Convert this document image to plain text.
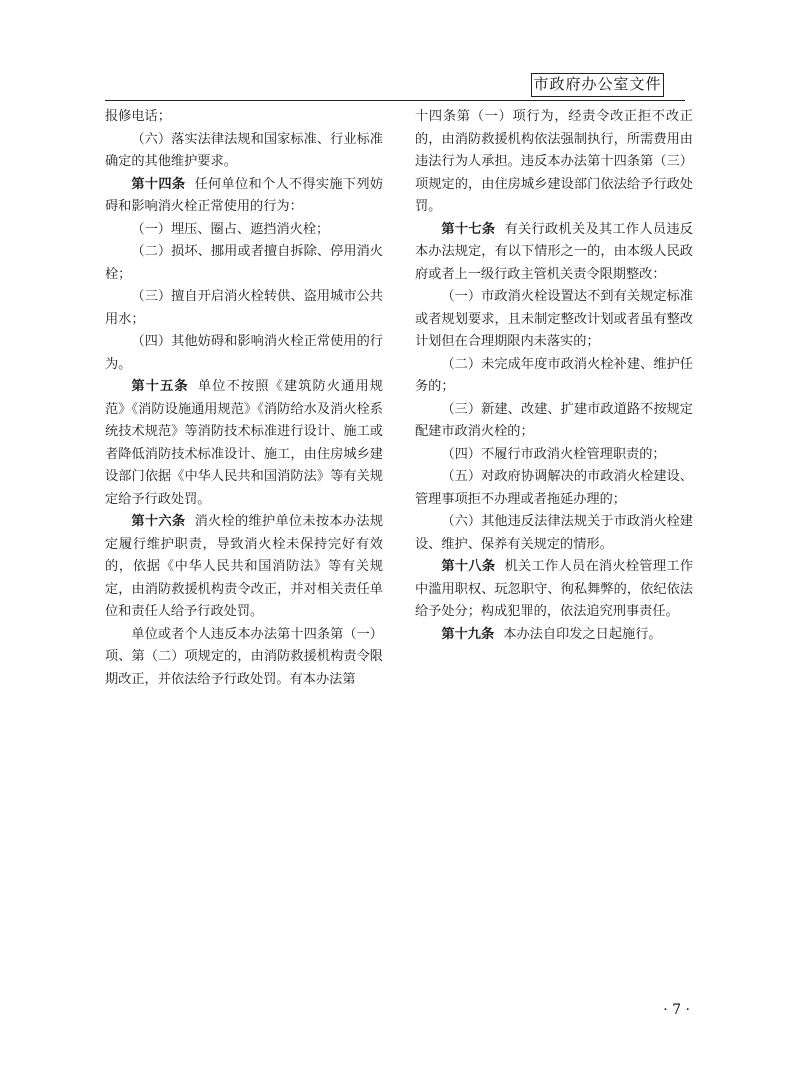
市政府办公室文件

报修电话；

（六）落实法律法规和国家标准、行业标准确定的其他维护要求。

第十四条 任何单位和个人不得实施下列妨碍和影响消火栓正常使用的行为：

（一）埋压、圈占、遮挡消火栓；

（二）损坏、挪用或者擅自拆除、停用消火栓；

（三）擅自开启消火栓转供、盗用城市公共用水；

（四）其他妨碍和影响消火栓正常使用的行为。

第十五条 单位不按照《建筑防火通用规范》《消防设施通用规范》《消防给水及消火栓系统技术规范》等消防技术标准进行设计、施工或者降低消防技术标准设计、施工，由住房城乡建设部门依据《中华人民共和国消防法》等有关规定给予行政处罚。

第十六条 消火栓的维护单位未按本办法规定履行维护职责，导致消火栓未保持完好有效的，依据《中华人民共和国消防法》等有关规定，由消防救援机构责令改正，并对相关责任单位和责任人给予行政处罚。

单位或者个人违反本办法第十四条第（一）项、第（二）项规定的，由消防救援机构责令限期改正，并依法给予行政处罚。有本办法第

十四条第（一）项行为，经责令改正拒不改正的，由消防救援机构依法强制执行，所需费用由违法行为人承担。违反本办法第十四条第（三）项规定的，由住房城乡建设部门依法给予行政处罚。

第十七条 有关行政机关及其工作人员违反本办法规定，有以下情形之一的，由本级人民政府或者上一级行政主管机关责令限期整改：

（一）市政消火栓设置达不到有关规定标准或者规划要求，且未制定整改计划或者虽有整改计划但在合理期限内未落实的；

（二）未完成年度市政消火栓补建、维护任务的；

（三）新建、改建、扩建市政道路不按规定配建市政消火栓的；

（四）不履行市政消火栓管理职责的；

（五）对政府协调解决的市政消火栓建设、管理事项拒不办理或者拖延办理的；

（六）其他违反法律法规关于市政消火栓建设、维护、保养有关规定的情形。

第十八条 机关工作人员在消火栓管理工作中滥用职权、玩忽职守、徇私舞弊的，依纪依法给予处分；构成犯罪的，依法追究刑事责任。

第十九条 本办法自印发之日起施行。

· 7 ·
